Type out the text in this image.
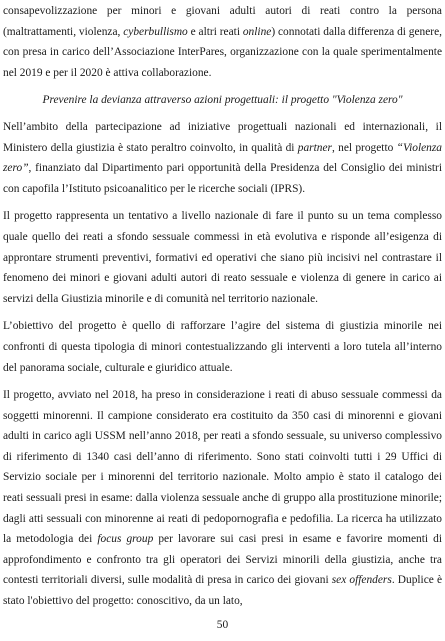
consapevolizzazione per minori e giovani adulti autori di reati contro la persona (maltrattamenti, violenza, cyberbullismo e altri reati online) connotati dalla differenza di genere, con presa in carico dell’Associazione InterPares, organizzazione con la quale sperimentalmente nel 2019 e per il 2020 è attiva collaborazione.

Prevenire la devianza attraverso azioni progettuali: il progetto "Violenza zero"

Nell’ambito della partecipazione ad iniziative progettuali nazionali ed internazionali, il Ministero della giustizia è stato peraltro coinvolto, in qualità di partner, nel progetto “Violenza zero”, finanziato dal Dipartimento pari opportunità della Presidenza del Consiglio dei ministri con capofila l’Istituto psicoanalitico per le ricerche sociali (IPRS).

Il progetto rappresenta un tentativo a livello nazionale di fare il punto su un tema complesso quale quello dei reati a sfondo sessuale commessi in età evolutiva e risponde all’esigenza di approntare strumenti preventivi, formativi ed operativi che siano più incisivi nel contrastare il fenomeno dei minori e giovani adulti autori di reato sessuale e violenza di genere in carico ai servizi della Giustizia minorile e di comunità nel territorio nazionale.

L’obiettivo del progetto è quello di rafforzare l’agire del sistema di giustizia minorile nei confronti di questa tipologia di minori contestualizzando gli interventi a loro tutela all’interno del panorama sociale, culturale e giuridico attuale.

Il progetto, avviato nel 2018, ha preso in considerazione i reati di abuso sessuale commessi da soggetti minorenni. Il campione considerato era costituito da 350 casi di minorenni e giovani adulti in carico agli USSM nell’anno 2018, per reati a sfondo sessuale, su universo complessivo di riferimento di 1340 casi dell’anno di riferimento. Sono stati coinvolti tutti i 29 Uffici di Servizio sociale per i minorenni del territorio nazionale. Molto ampio è stato il catalogo dei reati sessuali presi in esame: dalla violenza sessuale anche di gruppo alla prostituzione minorile; dagli atti sessuali con minorenne ai reati di pedopornografia e pedofilia. La ricerca ha utilizzato la metodologia dei focus group per lavorare sui casi presi in esame e favorire momenti di approfondimento e confronto tra gli operatori dei Servizi minorili della giustizia, anche tra contesti territoriali diversi, sulle modalità di presa in carico dei giovani sex offenders. Duplice è stato l'obiettivo del progetto: conoscitivo, da un lato,

50
